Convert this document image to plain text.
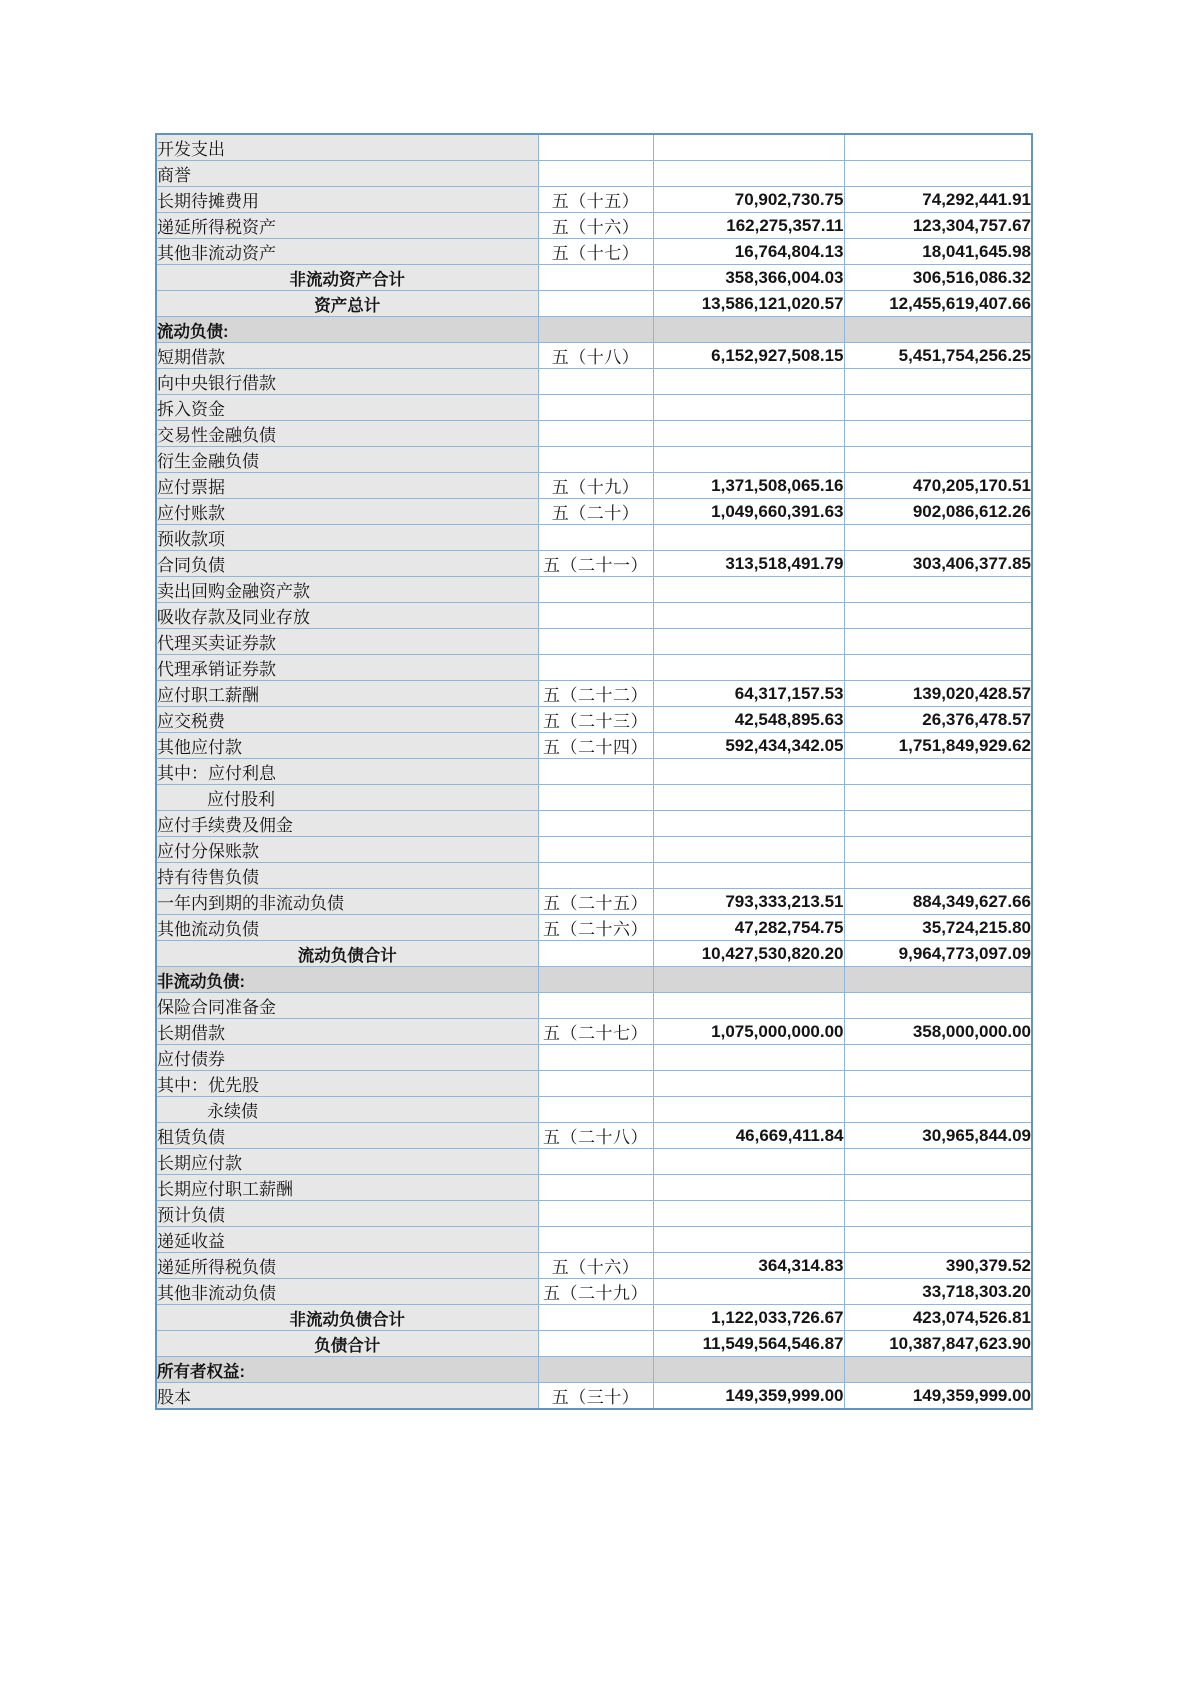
开发支出			
商誉			
长期待摊费用	五（十五）	70,902,730.75	74,292,441.91
递延所得税资产	五（十六）	162,275,357.11	123,304,757.67
其他非流动资产	五（十七）	16,764,804.13	18,041,645.98
非流动资产合计		358,366,004.03	306,516,086.32
资产总计		13,586,121,020.57	12,455,619,407.66
流动负债:			
短期借款	五（十八）	6,152,927,508.15	5,451,754,256.25
向中央银行借款			
拆入资金			
交易性金融负债			
衍生金融负债			
应付票据	五（十九）	1,371,508,065.16	470,205,170.51
应付账款	五（二十）	1,049,660,391.63	902,086,612.26
预收款项			
合同负债	五（二十一）	313,518,491.79	303,406,377.85
卖出回购金融资产款			
吸收存款及同业存放			
代理买卖证券款			
代理承销证券款			
应付职工薪酬	五（二十二）	64,317,157.53	139,020,428.57
应交税费	五（二十三）	42,548,895.63	26,376,478.57
其他应付款	五（二十四）	592,434,342.05	1,751,849,929.62
其中：应付利息			
应付股利			
应付手续费及佣金			
应付分保账款			
持有待售负债			
一年内到期的非流动负债	五（二十五）	793,333,213.51	884,349,627.66
其他流动负债	五（二十六）	47,282,754.75	35,724,215.80
流动负债合计		10,427,530,820.20	9,964,773,097.09
非流动负债:			
保险合同准备金			
长期借款	五（二十七）	1,075,000,000.00	358,000,000.00
应付债券			
其中：优先股			
永续债			
租赁负债	五（二十八）	46,669,411.84	30,965,844.09
长期应付款			
长期应付职工薪酬			
预计负债			
递延收益			
递延所得税负债	五（十六）	364,314.83	390,379.52
其他非流动负债	五（二十九）		33,718,303.20
非流动负债合计		1,122,033,726.67	423,074,526.81
负债合计		11,549,564,546.87	10,387,847,623.90
所有者权益:			
股本	五（三十）	149,359,999.00	149,359,999.00
